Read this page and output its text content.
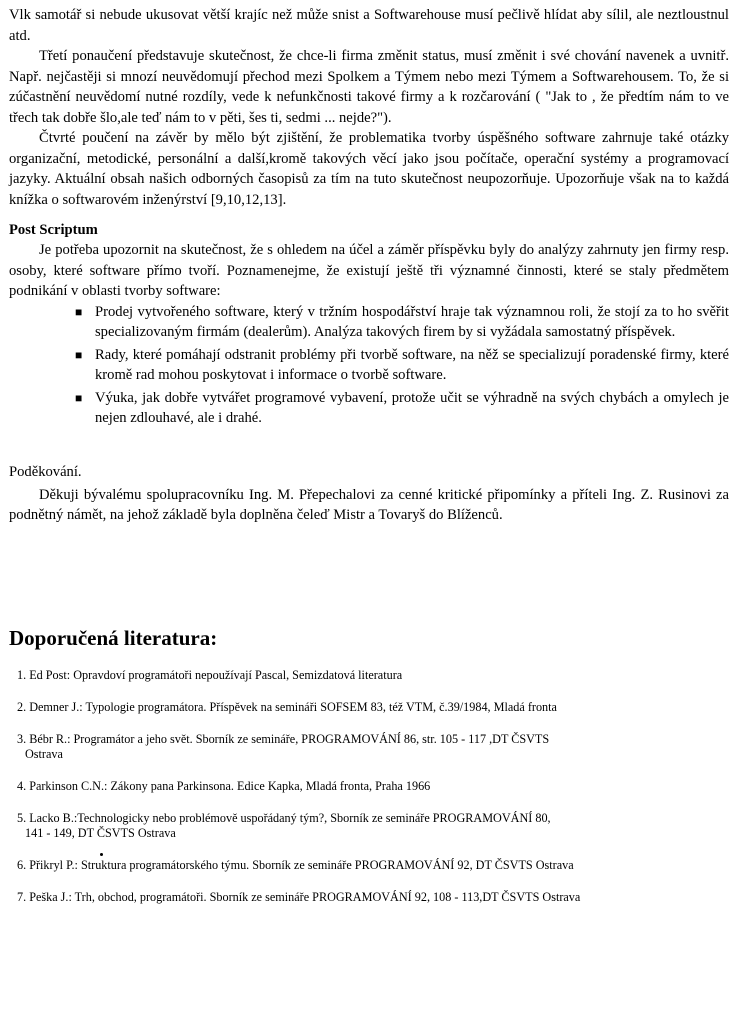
Vlk samotář si nebude ukusovat větší krajíc než může snist a Softwarehouse musí pečlivě hlídat aby sílil, ale neztloustnul atd.

Třetí ponaučení představuje skutečnost, že chce-li firma změnit status, musí změnit i své chování navenek a uvnitř. Např. nejčastěji si mnozí neuvědomují přechod mezi Spolkem a Týmem nebo mezi Týmem a Softwarehousem. To, že si zúčastnění neuvědomí nutné rozdíly, vede k nefunkčnosti takové firmy a k rozčarování ( "Jak to , že předtím nám to ve třech tak dobře šlo,ale teď nám to v pěti, šes ti, sedmi ... nejde?").

Čtvrté poučení na závěr by mělo být zjištění, že problematika tvorby úspěšného software zahrnuje také otázky organizační, metodické, personální a další,kromě takových věcí jako jsou počítače, operační systémy a programovací jazyky. Aktuální obsah našich odborných časopisů za tím na tuto skutečnost neupozorňuje. Upozorňuje však na to každá knížka o softwarovém inženýrství [9,10,12,13].

Post Scriptum

Je potřeba upozornit na skutečnost, že s ohledem na účel a záměr příspěvku byly do analýzy zahrnuty jen firmy resp. osoby, které software přímo tvoří. Poznamenejme, že existují ještě tři významné činnosti, které se staly předmětem podnikání v oblasti tvorby software:

■ Prodej vytvořeného software, který v tržním hospodářství hraje tak významnou roli, že stojí za to ho svěřit specializovaným firmám (dealerům). Analýza takových firem by si vyžádala samostatný příspěvek.
■ Rady, které pomáhají odstranit problémy při tvorbě software, na něž se specializují poradenské firmy, které kromě rad mohou poskytovat i informace o tvorbě software.
■ Výuka, jak dobře vytvářet programové vybavení, protože učit se výhradně na svých chybách a omylech je nejen zdlouhavé, ale i drahé.
Poděkování.

Děkuji bývalému spolupracovníku Ing. M. Přepechalovi za cenné kritické připomínky a příteli Ing. Z. Rusinovi za podnětný námět, na jehož základě byla doplněna čeleď Mistr a Tovaryš do Blíženců.

Doporučená literatura:
1. Ed Post: Opravdoví programátoři nepoužívají Pascal, Semizdatová literatura
2. Demner J.: Typologie programátora. Příspěvek na semináři SOFSEM 83, též VTM, č.39/1984, Mladá fronta
3. Bébr R.: Programátor a jeho svět. Sborník ze semináře, PROGRAMOVÁNÍ 86, str. 105 - 117 ,DT ČSVTS
Ostrava
4. Parkinson C.N.: Zákony pana Parkinsona. Edice Kapka, Mladá fronta, Praha 1966
5. Lacko B.:Technologicky nebo problémově uspořádaný tým?, Sborník ze semináře PROGRAMOVÁNÍ 80,
141 - 149, DT ČSVTS Ostrava
6. Přikryl P.: Struktura programátorského týmu. Sborník ze semináře PROGRAMOVÁNÍ 92, DT ČSVTS Ostrava
7. Peška J.: Trh, obchod, programátoři. Sborník ze semináře PROGRAMOVÁNÍ 92, 108 - 113,DT ČSVTS Ostrava
